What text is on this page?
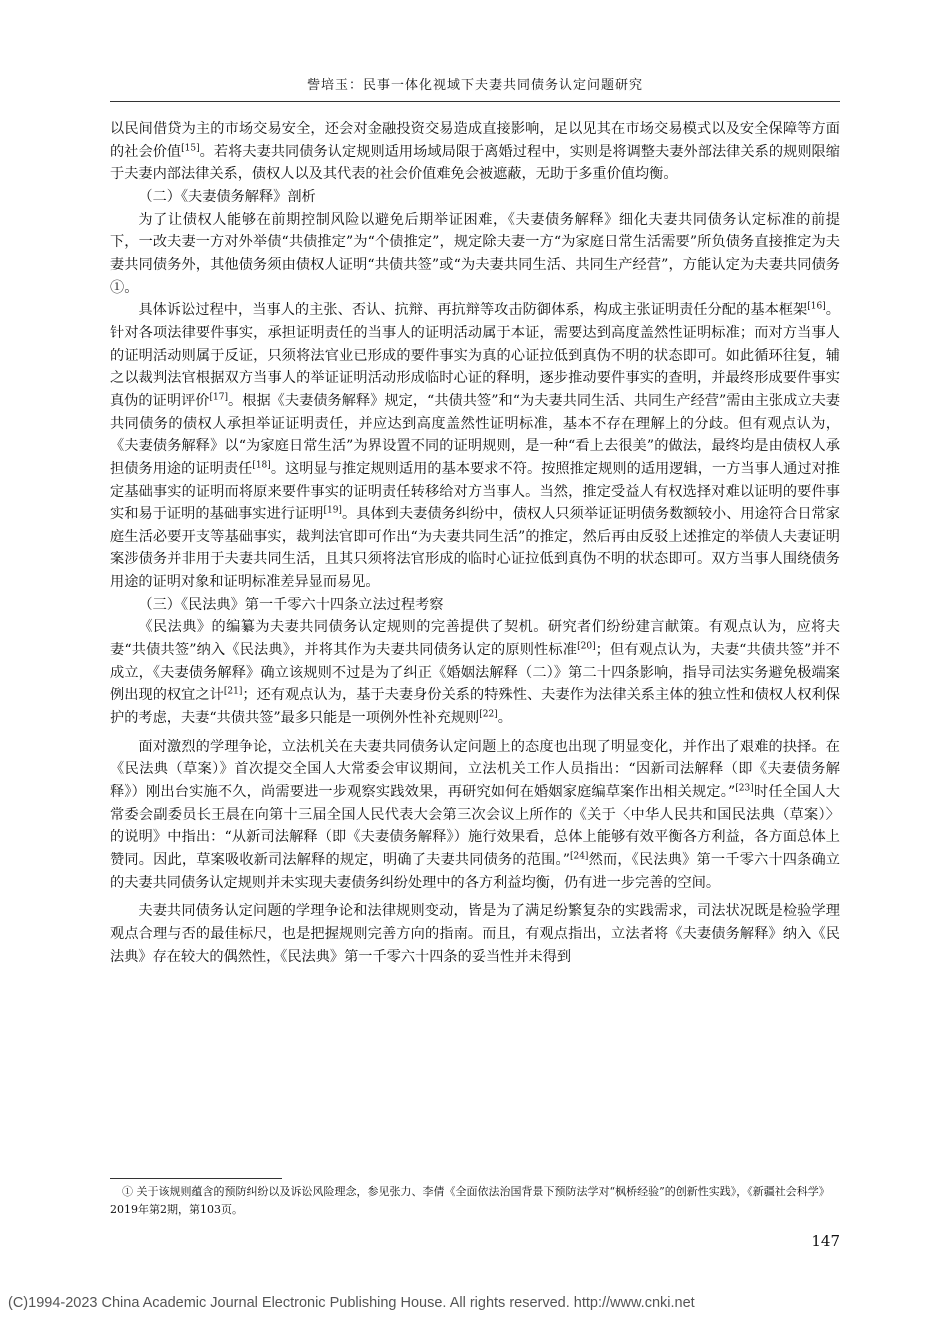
訾培玉：民事一体化视域下夫妻共同债务认定问题研究

以民间借贷为主的市场交易安全，还会对金融投资交易造成直接影响，足以见其在市场交易模式以及安全保障等方面的社会价值[15]。若将夫妻共同债务认定规则适用场域局限于离婚过程中，实则是将调整夫妻外部法律关系的规则限缩于夫妻内部法律关系，债权人以及其代表的社会价值难免会被遮蔽，无助于多重价值均衡。

（二）《夫妻债务解释》剖析

为了让债权人能够在前期控制风险以避免后期举证困难，《夫妻债务解释》细化夫妻共同债务认定标准的前提下，一改夫妻一方对外举债“共债推定”为“个债推定”，规定除夫妻一方“为家庭日常生活需要”所负债务直接推定为夫妻共同债务外，其他债务须由债权人证明“共债共签”或“为夫妻共同生活、共同生产经营”，方能认定为夫妻共同债务①。

具体诉讼过程中，当事人的主张、否认、抗辩、再抗辩等攻击防御体系，构成主张证明责任分配的基本框架[16]。针对各项法律要件事实，承担证明责任的当事人的证明活动属于本证，需要达到高度盖然性证明标准；而对方当事人的证明活动则属于反证，只须将法官业已形成的要件事实为真的心证拉低到真伪不明的状态即可。如此循环往复，辅之以裁判法官根据双方当事人的举证证明活动形成临时心证的释明，逐步推动要件事实的查明，并最终形成要件事实真伪的证明评价[17]。根据《夫妻债务解释》规定，“共债共签”和“为夫妻共同生活、共同生产经营”需由主张成立夫妻共同债务的债权人承担举证证明责任，并应达到高度盖然性证明标准，基本不存在理解上的分歧。但有观点认为，《夫妻债务解释》以“为家庭日常生活”为界设置不同的证明规则，是一种“看上去很美”的做法，最终均是由债权人承担债务用途的证明责任[18]。这明显与推定规则适用的基本要求不符。按照推定规则的适用逻辑，一方当事人通过对推定基础事实的证明而将原来要件事实的证明责任转移给对方当事人。当然，推定受益人有权选择对难以证明的要件事实和易于证明的基础事实进行证明[19]。具体到夫妻债务纠纷中，债权人只须举证证明债务数额较小、用途符合日常家庭生活必要开支等基础事实，裁判法官即可作出“为夫妻共同生活”的推定，然后再由反驳上述推定的举债人夫妻证明案涉债务并非用于夫妻共同生活，且其只须将法官形成的临时心证拉低到真伪不明的状态即可。双方当事人围绕债务用途的证明对象和证明标准差异显而易见。

（三）《民法典》第一千零六十四条立法过程考察

《民法典》的编纂为夫妻共同债务认定规则的完善提供了契机。研究者们纷纷建言献策。有观点认为，应将夫妻“共债共签”纳入《民法典》，并将其作为夫妻共同债务认定的原则性标准[20]；但有观点认为，夫妻“共债共签”并不成立，《夫妻债务解释》确立该规则不过是为了纠正《婚姻法解释（二）》第二十四条影响，指导司法实务避免极端案例出现的权宜之计[21]；还有观点认为，基于夫妻身份关系的特殊性、夫妻作为法律关系主体的独立性和债权人权利保护的考虑，夫妻“共债共签”最多只能是一项例外性补充规则[22]。

面对激烈的学理争论，立法机关在夫妻共同债务认定问题上的态度也出现了明显变化，并作出了艰难的抉择。在《民法典（草案）》首次提交全国人大常委会审议期间，立法机关工作人员指出：“因新司法解释（即《夫妻债务解释》）刚出台实施不久，尚需要进一步观察实践效果，再研究如何在婚姻家庭编草案作出相关规定。”[23]时任全国人大常委会副委员长王晨在向第十三届全国人民代表大会第三次会议上所作的《关于〈中华人民共和国民法典（草案）〉的说明》中指出：“从新司法解释（即《夫妻债务解释》）施行效果看，总体上能够有效平衡各方利益，各方面总体上赞同。因此，草案吸收新司法解释的规定，明确了夫妻共同债务的范围。”[24]然而，《民法典》第一千零六十四条确立的夫妻共同债务认定规则并未实现夫妻债务纠纷处理中的各方利益均衡，仍有进一步完善的空间。

夫妻共同债务认定问题的学理争论和法律规则变动，皆是为了满足纷繁复杂的实践需求，司法状况既是检验学理观点合理与否的最佳标尺，也是把握规则完善方向的指南。而且，有观点指出，立法者将《夫妻债务解释》纳入《民法典》存在较大的偶然性，《民法典》第一千零六十四条的妥当性并未得到

① 关于该规则蕴含的预防纠纷以及诉讼风险理念，参见张力、李倩《全面依法治国背景下预防法学对“枫桥经验”的创新性实践》，《新疆社会科学》2019年第2期，第103页。
147
(C)1994-2023 China Academic Journal Electronic Publishing House. All rights reserved. http://www.cnki.net
